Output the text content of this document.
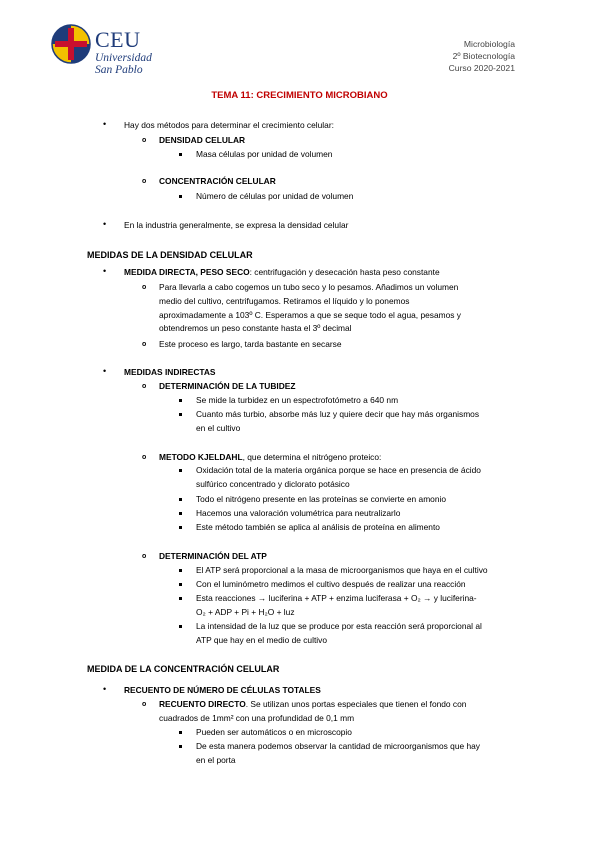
CEU
Universidad
San Pablo
Microbiología
2º Biotecnología
Curso 2020-2021
TEMA 11: CRECIMIENTO MICROBIANO
• Hay dos métodos para determinar el crecimiento celular:
o DENSIDAD CELULAR
Masa células por unidad de volumen
o CONCENTRACIÓN CELULAR
Número de células por unidad de volumen
• En la industria generalmente, se expresa la densidad celular
MEDIDAS DE LA DENSIDAD CELULAR
• MEDIDA DIRECTA, PESO SECO: centrifugación y desecación hasta peso constante
o Para llevarla a cabo cogemos un tubo seco y lo pesamos. Añadimos un volumen
medio del cultivo, centrifugamos. Retiramos el líquido y lo ponemos
aproximadamente a 103º C. Esperamos a que se seque todo el agua, pesamos y
obtendremos un peso constante hasta el 3º decimal
o Este proceso es largo, tarda bastante en secarse
• MEDIDAS INDIRECTAS
o DETERMINACIÓN DE LA TUBIDEZ
Se mide la turbidez en un espectrofotómetro a 640 nm
Cuanto más turbio, absorbe más luz y quiere decir que hay más organismos
en el cultivo
o METODO KJELDAHL, que determina el nitrógeno proteico:
Oxidación total de la materia orgánica porque se hace en presencia de ácido
sulfúrico concentrado y diclorato potásico
Todo el nitrógeno presente en las proteínas se convierte en amonio
Hacemos una valoración volumétrica para neutralizarlo
Este método también se aplica al análisis de proteína en alimento
o DETERMINACIÓN DEL ATP
El ATP será proporcional a la masa de microorganismos que haya en el cultivo
Con el luminómetro medimos el cultivo después de realizar una reacción
Esta reacciones → luciferina + ATP + enzima luciferasa + O₂ → y luciferina-
O₂ + ADP + Pi + H₂O + luz
La intensidad de la luz que se produce por esta reacción será proporcional al
ATP que hay en el medio de cultivo
MEDIDA DE LA CONCENTRACIÓN CELULAR
• RECUENTO DE NÚMERO DE CÉLULAS TOTALES
o RECUENTO DIRECTO. Se utilizan unos portas especiales que tienen el fondo con
cuadrados de 1mm² con una profundidad de 0,1 mm
Pueden ser automáticos o en microscopio
De esta manera podemos observar la cantidad de microorganismos que hay
en el porta
